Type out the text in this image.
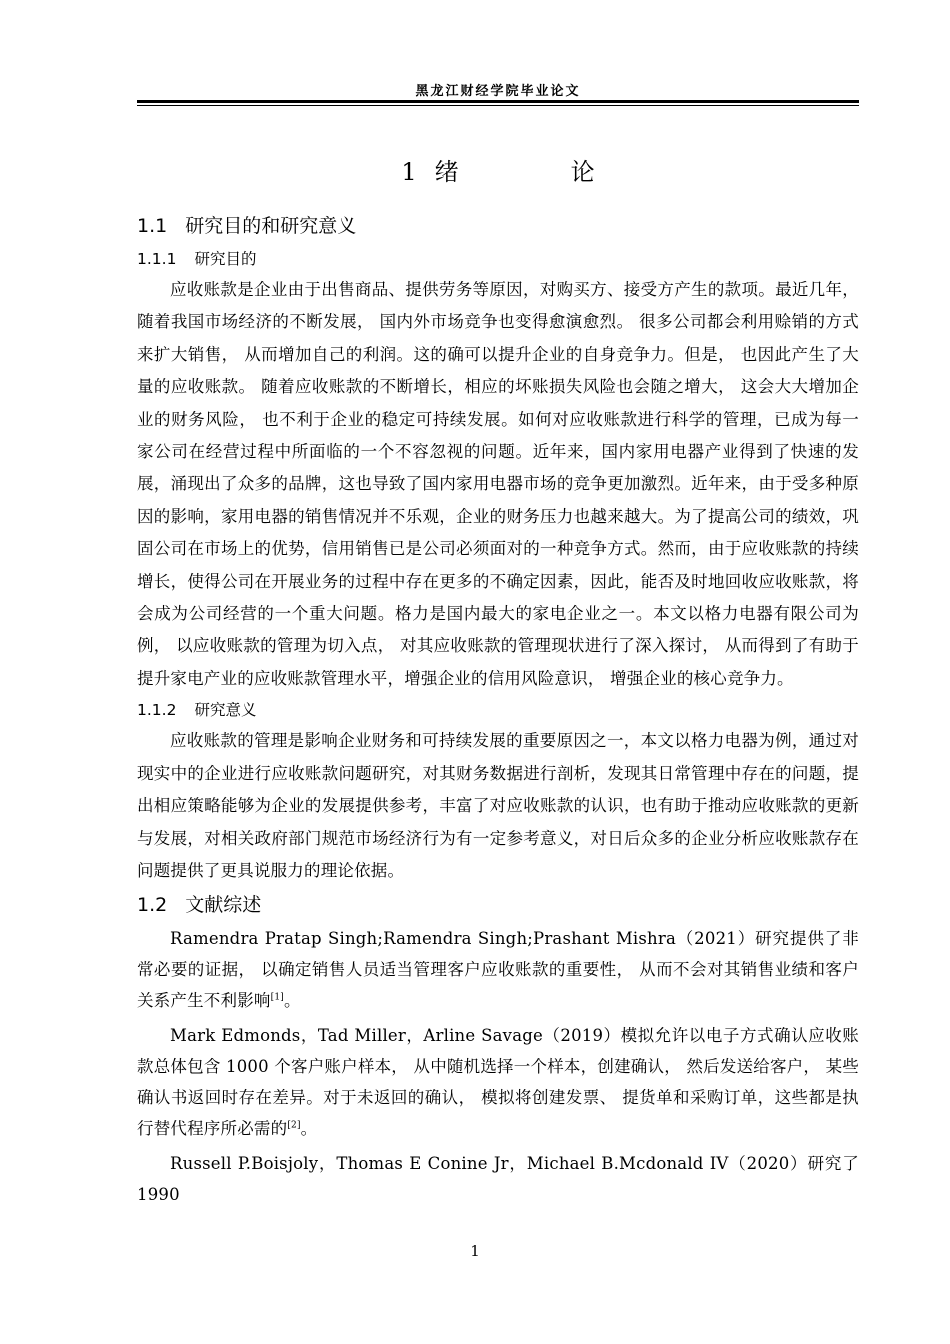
黑龙江财经学院毕业论文
1 绪　论
1.1 研究目的和研究意义
1.1.1 研究目的

应收账款是企业由于出售商品、提供劳务等原因，对购买方、接受方产生的款项。最近几年，随着我国市场经济的不断发展， 国内外市场竞争也变得愈演愈烈。 很多公司都会利用赊销的方式来扩大销售， 从而增加自己的利润。这的确可以提升企业的自身竞争力。但是， 也因此产生了大量的应收账款。 随着应收账款的不断增长，相应的坏账损失风险也会随之增大， 这会大大增加企业的财务风险， 也不利于企业的稳定可持续发展。如何对应收账款进行科学的管理，已成为每一家公司在经营过程中所面临的一个不容忽视的问题。近年来，国内家用电器产业得到了快速的发展，涌现出了众多的品牌，这也导致了国内家用电器市场的竞争更加激烈。近年来，由于受多种原因的影响，家用电器的销售情况并不乐观，企业的财务压力也越来越大。为了提高公司的绩效，巩固公司在市场上的优势，信用销售已是公司必须面对的一种竞争方式。然而，由于应收账款的持续增长，使得公司在开展业务的过程中存在更多的不确定因素，因此，能否及时地回收应收账款，将会成为公司经营的一个重大问题。格力是国内最大的家电企业之一。本文以格力电器有限公司为例， 以应收账款的管理为切入点， 对其应收账款的管理现状进行了深入探讨， 从而得到了有助于提升家电产业的应收账款管理水平，增强企业的信用风险意识， 增强企业的核心竞争力。

1.1.2 研究意义

应收账款的管理是影响企业财务和可持续发展的重要原因之一，本文以格力电器为例，通过对现实中的企业进行应收账款问题研究，对其财务数据进行剖析，发现其日常管理中存在的问题，提出相应策略能够为企业的发展提供参考，丰富了对应收账款的认识，也有助于推动应收账款的更新与发展，对相关政府部门规范市场经济行为有一定参考意义，对日后众多的企业分析应收账款存在问题提供了更具说服力的理论依据。

1.2 文献综述

Ramendra Pratap Singh;Ramendra Singh;Prashant Mishra（2021）研究提供了非常必要的证据， 以确定销售人员适当管理客户应收账款的重要性， 从而不会对其销售业绩和客户关系产生不利影响[1]。

Mark Edmonds，Tad Miller，Arline Savage（2019）模拟允许以电子方式确认应收账款总体包含 1000 个客户账户样本， 从中随机选择一个样本，创建确认， 然后发送给客户， 某些确认书返回时存在差异。对于未返回的确认， 模拟将创建发票、 提货单和采购订单，这些都是执行替代程序所必需的[2]。

Russell P.Boisjoly，Thomas E Conine Jr，Michael B.Mcdonald IV（2020）研究了 1990

1
